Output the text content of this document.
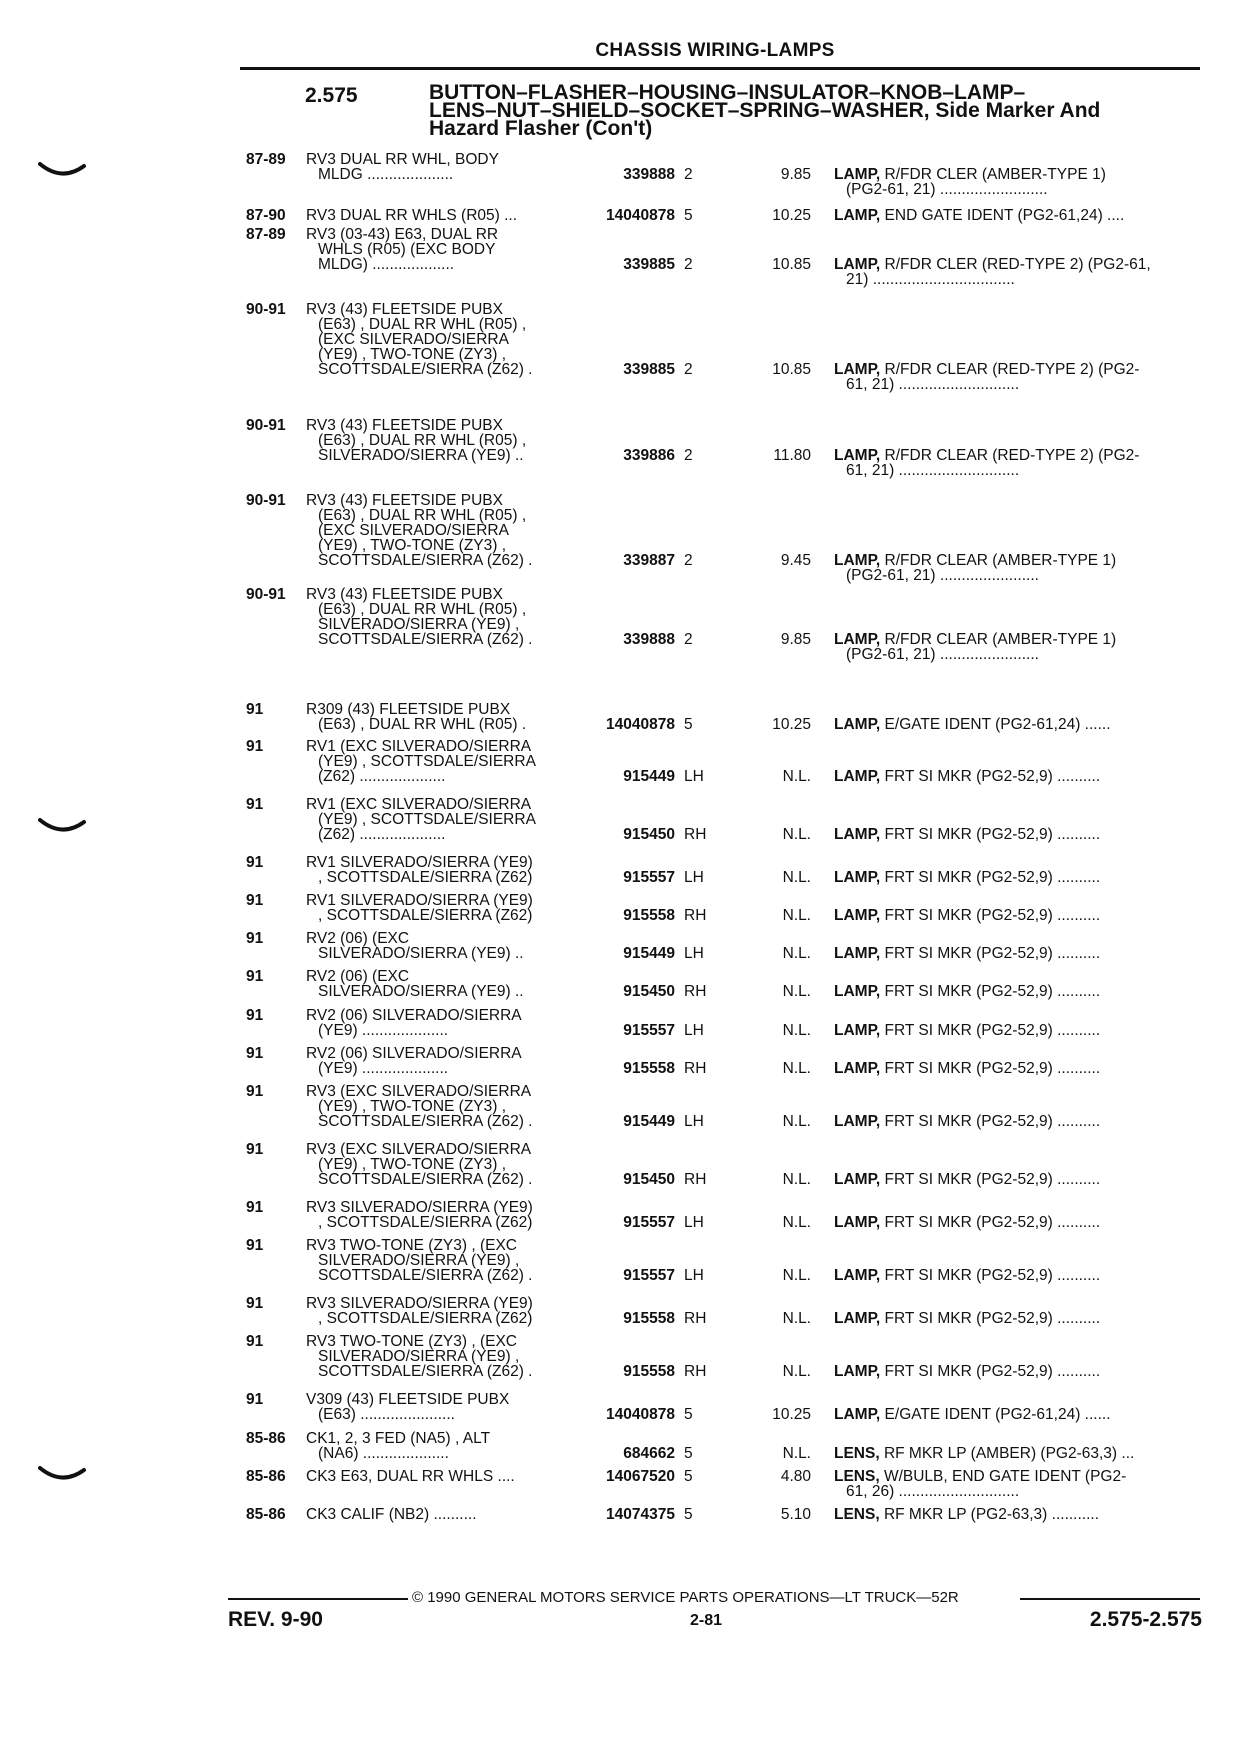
CHASSIS WIRING-LAMPS
2.575	BUTTON–FLASHER–HOUSING–INSULATOR–KNOB–LAMP–
LENS–NUT–SHIELD–SOCKET–SPRING–WASHER, Side Marker And
Hazard Flasher (Con't)
87-89 RV3 DUAL RR WHL, BODY
MLDG ....................	339888 2	9.85 LAMP, R/FDR CLER (AMBER-TYPE 1)
(PG2-61, 21) .........................
87-90 RV3 DUAL RR WHLS (R05) ...	14040878 5	10.25 LAMP, END GATE IDENT (PG2-61,24) ....
87-89 RV3 (03-43) E63, DUAL RR
WHLS (R05) (EXC BODY
MLDG) ...................	339885 2	10.85 LAMP, R/FDR CLER (RED-TYPE 2) (PG2-61,
21) .................................
90-91 RV3 (43) FLEETSIDE PUBX
(E63) , DUAL RR WHL (R05) ,
(EXC SILVERADO/SIERRA
(YE9) , TWO-TONE (ZY3) ,
SCOTTSDALE/SIERRA (Z62) .	339885 2	10.85 LAMP, R/FDR CLEAR (RED-TYPE 2) (PG2-
61, 21) ............................
90-91 RV3 (43) FLEETSIDE PUBX
(E63) , DUAL RR WHL (R05) ,
SILVERADO/SIERRA (YE9) ..	339886 2	11.80 LAMP, R/FDR CLEAR (RED-TYPE 2) (PG2-
61, 21) ............................
90-91 RV3 (43) FLEETSIDE PUBX
(E63) , DUAL RR WHL (R05) ,
(EXC SILVERADO/SIERRA
(YE9) , TWO-TONE (ZY3) ,
SCOTTSDALE/SIERRA (Z62) .	339887 2	9.45 LAMP, R/FDR CLEAR (AMBER-TYPE 1)
(PG2-61, 21) .......................
90-91 RV3 (43) FLEETSIDE PUBX
(E63) , DUAL RR WHL (R05) ,
SILVERADO/SIERRA (YE9) ,
SCOTTSDALE/SIERRA (Z62) .	339888 2	9.85 LAMP, R/FDR CLEAR (AMBER-TYPE 1)
(PG2-61, 21) .......................
91	R309 (43) FLEETSIDE PUBX
(E63) , DUAL RR WHL (R05) .	14040878 5	10.25 LAMP, E/GATE IDENT (PG2-61,24) ......
91	RV1 (EXC SILVERADO/SIERRA
(YE9) , SCOTTSDALE/SIERRA
(Z62) ....................	915449 LH	N.L. LAMP, FRT SI MKR (PG2-52,9) ..........
91	RV1 (EXC SILVERADO/SIERRA
(YE9) , SCOTTSDALE/SIERRA
(Z62) ....................	915450 RH	N.L. LAMP, FRT SI MKR (PG2-52,9) ..........
91	RV1 SILVERADO/SIERRA (YE9)
, SCOTTSDALE/SIERRA (Z62)	915557 LH	N.L. LAMP, FRT SI MKR (PG2-52,9) ..........
91	RV1 SILVERADO/SIERRA (YE9)
, SCOTTSDALE/SIERRA (Z62)	915558 RH	N.L. LAMP, FRT SI MKR (PG2-52,9) ..........
91	RV2 (06) (EXC
SILVERADO/SIERRA (YE9) ..	915449 LH	N.L. LAMP, FRT SI MKR (PG2-52,9) ..........
91	RV2 (06) (EXC
SILVERADO/SIERRA (YE9) ..	915450 RH	N.L. LAMP, FRT SI MKR (PG2-52,9) ..........
91	RV2 (06) SILVERADO/SIERRA
(YE9) ....................	915557 LH	N.L. LAMP, FRT SI MKR (PG2-52,9) ..........
91	RV2 (06) SILVERADO/SIERRA
(YE9) ....................	915558 RH	N.L. LAMP, FRT SI MKR (PG2-52,9) ..........
91	RV3 (EXC SILVERADO/SIERRA
(YE9) , TWO-TONE (ZY3) ,
SCOTTSDALE/SIERRA (Z62) .	915449 LH	N.L. LAMP, FRT SI MKR (PG2-52,9) ..........
91	RV3 (EXC SILVERADO/SIERRA
(YE9) , TWO-TONE (ZY3) ,
SCOTTSDALE/SIERRA (Z62) .	915450 RH	N.L. LAMP, FRT SI MKR (PG2-52,9) ..........
91	RV3 SILVERADO/SIERRA (YE9)
, SCOTTSDALE/SIERRA (Z62)	915557 LH	N.L. LAMP, FRT SI MKR (PG2-52,9) ..........
91	RV3 TWO-TONE (ZY3) , (EXC
SILVERADO/SIERRA (YE9) ,
SCOTTSDALE/SIERRA (Z62) .	915557 LH	N.L. LAMP, FRT SI MKR (PG2-52,9) ..........
91	RV3 SILVERADO/SIERRA (YE9)
, SCOTTSDALE/SIERRA (Z62)	915558 RH	N.L. LAMP, FRT SI MKR (PG2-52,9) ..........
91	RV3 TWO-TONE (ZY3) , (EXC
SILVERADO/SIERRA (YE9) ,
SCOTTSDALE/SIERRA (Z62) .	915558 RH	N.L. LAMP, FRT SI MKR (PG2-52,9) ..........
91	V309 (43) FLEETSIDE PUBX
(E63) ......................	14040878 5	10.25 LAMP, E/GATE IDENT (PG2-61,24) ......
85-86 CK1, 2, 3 FED (NA5) , ALT
(NA6) ....................	684662 5	N.L. LENS, RF MKR LP (AMBER) (PG2-63,3) ...
85-86 CK3 E63, DUAL RR WHLS ....	14067520 5	4.80 LENS, W/BULB, END GATE IDENT (PG2-
61, 26) ............................
85-86 CK3 CALIF (NB2) ..........	14074375 5	5.10 LENS, RF MKR LP (PG2-63,3) ...........
© 1990 GENERAL MOTORS SERVICE PARTS OPERATIONS—LT TRUCK—52R
REV. 9-90	2-81	2.575-2.575
